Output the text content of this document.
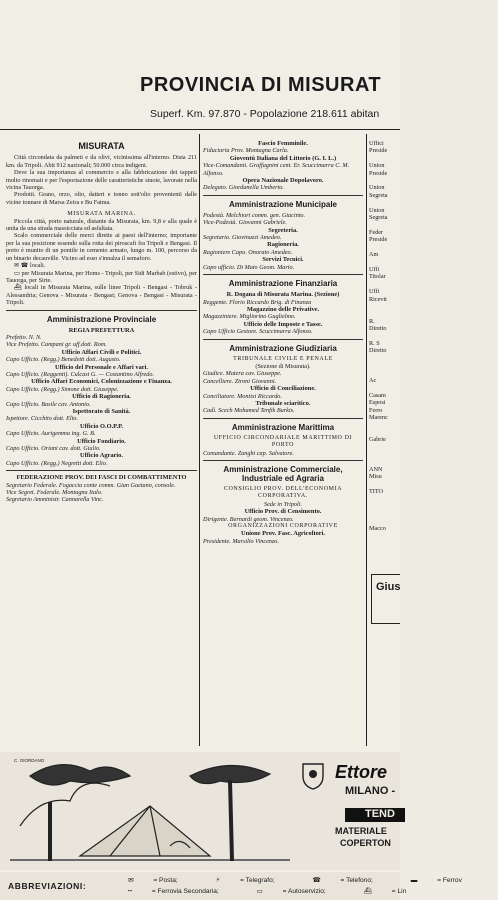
PROVINCIA DI MISURAT
Superf. Km. 97.870 - Popolazione 218.611 abitan
MISURATA

Città circondata da palmeti e da olivi, vicinissima all'interno. Dista 211 km. da Tripoli. Abit 912 nazionali; 50.000 circa indigeni.

Deve la sua importanza al commercio e alla fabbricazione dei tappeti molto rinomati e per l'esportazione delle caratteristiche stuoie, lavorate nella vicina Tauorga.

Prodotti. Grano, orzo, olio, datteri e tonno sott'olio provenienti dalle vicine tonnare di Marsa Zeira e Bu Fatma.

MISURATA MARINA.

Piccola città, porto naturale, distante da Misurata, km. 9,8 e alla quale è unita da una strada massicciata ed asfaltata.

Scalo commerciale delle merci dirette ai paesi dell'interno; importante per la sua posizione essendo sulla rotta dei piroscafi fra Tripoli e Bengasi. Il porto è munito di un pontile in cemento armato, lungo m. 100, percorso da un binario decauville. Vicino ad esso s'innalza il semaforo.

✉ ☎ locali.

▭ per Misurata Marina, per Homs - Tripoli, per Sidi Marbab (estivo), per Tauorga, per Sirte.

⛴ locali in Misurata Marina, sulle linee Tripoli - Bengasi - Tobruk - Alessandria; Genova - Misurata - Bengasi; Genova - Bengasi - Misurata - Tripoli.

Amministrazione Provinciale

REGIA PREFETTURA

Prefetto. N. N.

Vice Prefetto. Campani gr. uff.dott. Rom.

Ufficio Affari Civili e Politici.

Capo Ufficio. (Regg.) Benedetti dott. Augusto.

Ufficio del Personale e Affari vari.

Capo Ufficio. (Reggenti). Culcasi G. — Costantino Alfredo.

Ufficio Affari Economici, Colonizzazione e Finanza.

Capo Ufficio. (Regg.) Simone dott. Giuseppe.

Ufficio di Ragioneria.

Capo Ufficio. Basile cav. Antonio.

Ispettorato di Sanità.

Ispettore. Cicchito dott. Elio.

Ufficio O.O.P.P.

Capo Ufficio. Aurigemma ing. G. B.

Ufficio Fondiario.

Capo Ufficio. Oriani cav. dott. Giulio.

Ufficio Agrario.

Capo Ufficio. (Regg.) Negretti dott. Elio.

FEDERAZIONE PROV. DEI FASCI DI COMBATTIMENTO

Segretario Federale. Fogaccia conte comm. Gian Gaetano, console.

Vice Segret. Federale. Montagna Italo.

Segretario Amministr. Cannarella Vinc.

Fascio Femminile.

Fiduciaria Prov. Montagna Carla.

Gioventù Italiana del Littorio (G. I. L.)

Vice-Comandanti. Graffagnini cent. Er. Scuccimarra C. M. Alfonso.

Opera Nazionale Dopolavoro.

Delegato. Giordanella Umberto.

Amministrazione Municipale

Podestà. Melchiori comm. gen. Giacinto.

Vice-Podestà. Giovanni Gabriele.

Segreteria.

Segretario. Giovinazzi Amedeo.

Ragioneria.

Ragioniere Capo. Onorato Amedeo.

Servizi Tecnici.

Capo ufficio. Di Maio Geom. Mario.

Amministrazione Finanziaria

R. Dogana di Misurata Marina. (Sezione)

Reggente. Florio Riccardo Brig. di Finanza

Magazzino delle Privative.

Magazziniere. Migliorino Guglielmo.

Ufficio delle Imposte e Tasse.

Capo Ufficio Gestore. Scuccimarra Alfonso.

Amministrazione Giudiziaria

TRIBUNALE CIVILE E PENALE

(Sezione di Misurata).

Giudice. Matera cav. Giuseppe.

Cancelliere. Zironi Giovanni.

Ufficio di Conciliazione.

Conciliatore. Montixi Riccardo.

Tribunale sciaritico.

Cadì. Scech Mohamed Tenfik Burkis.

Amministrazione Marittima

UFFICIO CIRCONDARIALE MARITTIMO DI PORTO

Comandante. Zanghi cap. Salvatore.

Amministrazione Commerciale, Industriale ed Agraria

CONSIGLIO PROV. DELL'ECONOMIA CORPORATIVA.

Sede in Tripoli.

Ufficio Prov. di Censimento.

Dirigente. Bernardi geom. Vincenzo.

ORGANIZZAZIONI CORPORATIVE

Unione Prov. Fasc. Agricoltori.

Presidente. Marsilio Vincenzo.

Uffici

Preside

Union

Preside

Union

Segreta

Union

Segreta

Feder

Preside

Am

Uffi

Titolar

Uffi

Ricevit

R.

Diretto

R. S

Diretto

Ac

Casam

Esposi

Ferro

Marenc

Gabrie

ANN

Misu

TITO

Macco

Gius
C. GIORDANO
Ettore
MILANO -
TEND
MATERIALE
COPERTON
ABBREVIAZIONI:
✉	= Posta;	⚡	= Telegrafo;	☎	= Telefono;	▬	= Ferrov
┅	= Ferrovia Secondaria;	▭	= Autoservizio;	⛴	= Lin
